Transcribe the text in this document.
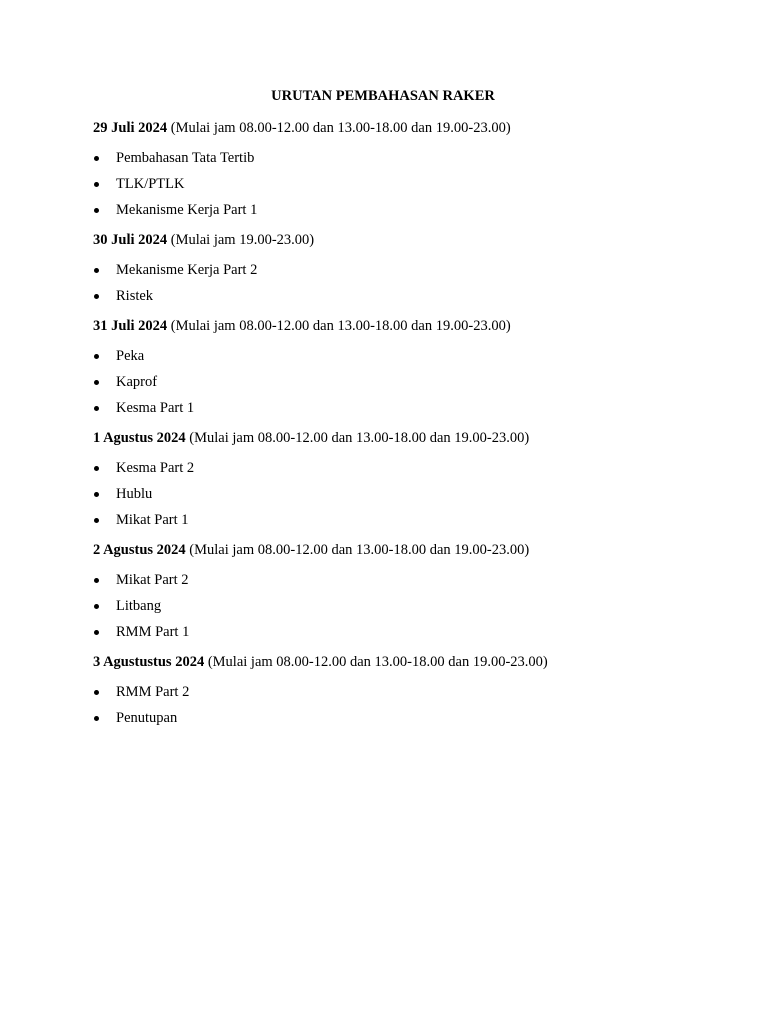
URUTAN PEMBAHASAN RAKER

29 Juli 2024 (Mulai jam 08.00-12.00 dan 13.00-18.00 dan 19.00-23.00)

Pembahasan Tata Tertib
TLK/PTLK
Mekanisme Kerja Part 1

30 Juli 2024 (Mulai jam 19.00-23.00)

Mekanisme Kerja Part 2
Ristek

31 Juli 2024 (Mulai jam 08.00-12.00 dan 13.00-18.00 dan 19.00-23.00)

Peka
Kaprof
Kesma Part 1

1 Agustus 2024 (Mulai jam 08.00-12.00 dan 13.00-18.00 dan 19.00-23.00)

Kesma Part 2
Hublu
Mikat Part 1

2 Agustus 2024 (Mulai jam 08.00-12.00 dan 13.00-18.00 dan 19.00-23.00)

Mikat Part 2
Litbang
RMM Part 1

3 Agustustus 2024 (Mulai jam 08.00-12.00 dan 13.00-18.00 dan 19.00-23.00)

RMM Part 2
Penutupan
